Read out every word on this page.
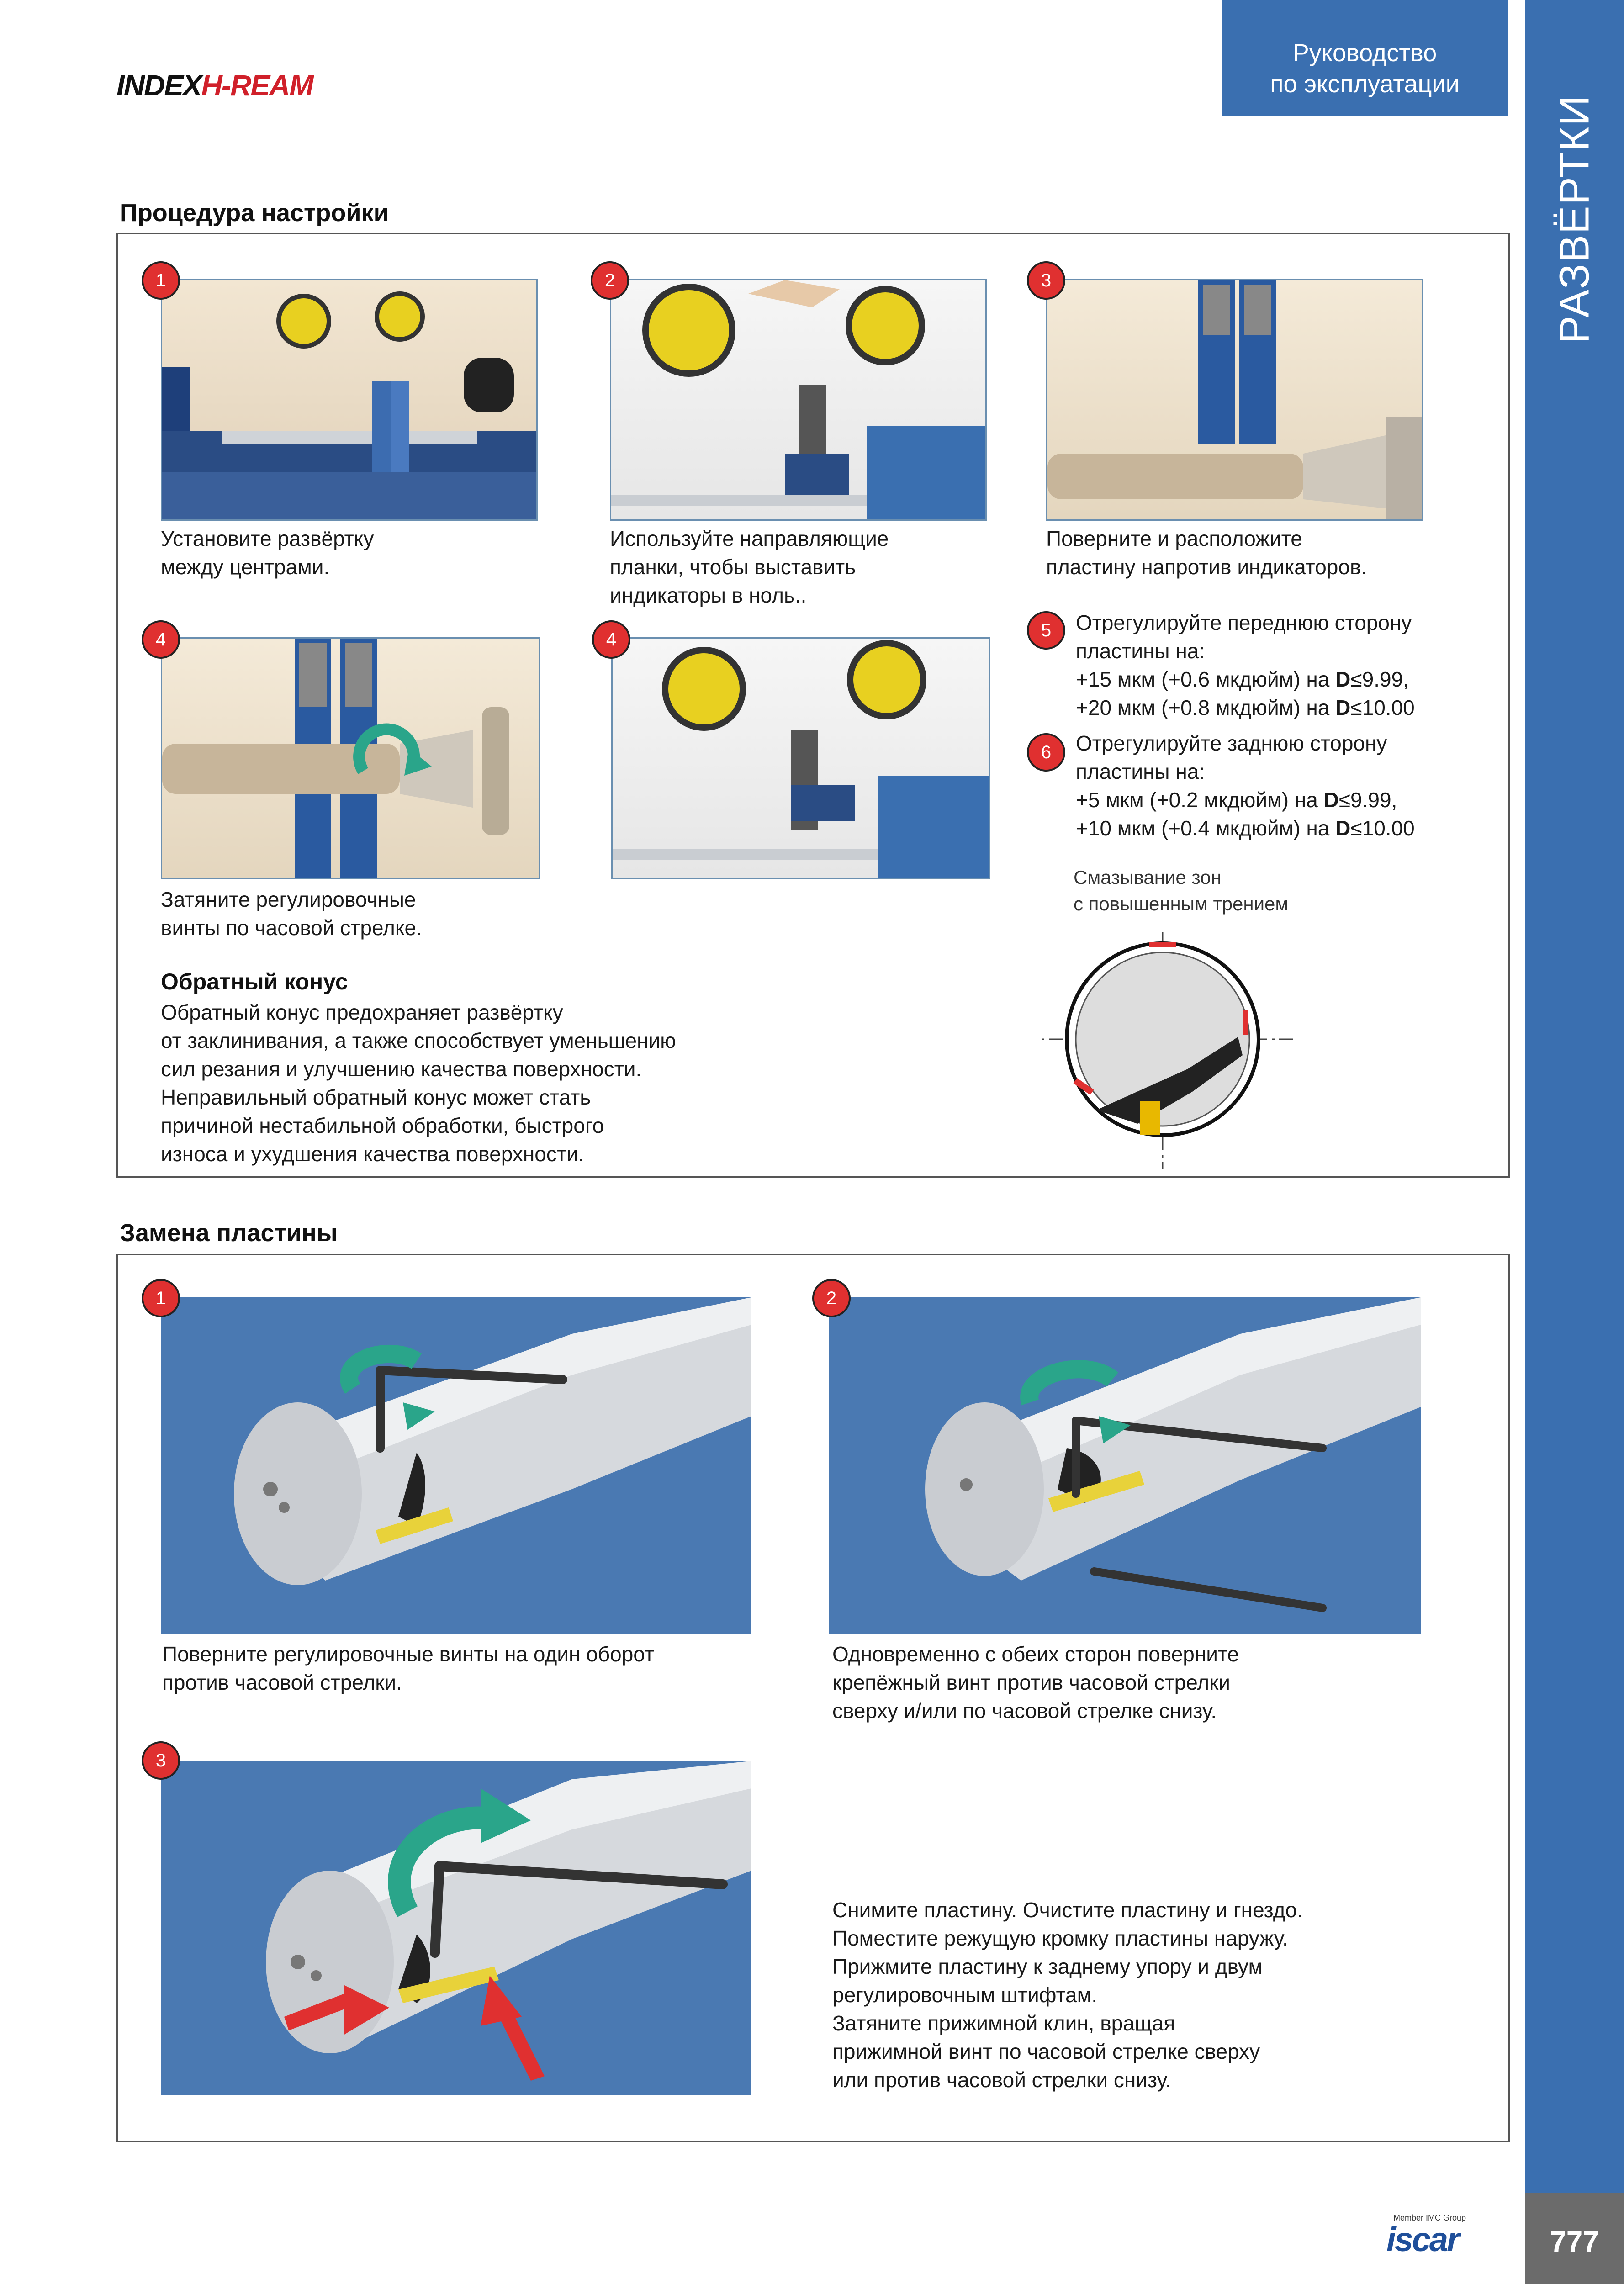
INDEXH-REAM
Руководство
по эксплуатации
РАЗВЁРТКИ
777
Процедура настройки
1
Установите развёртку
между центрами.
2
Используйте направляющие
планки, чтобы выставить
индикаторы в ноль..
3
Поверните и расположите
пластину напротив индикаторов.
4
Затяните регулировочные
винты по часовой стрелке.
4	5	Отрегулируйте переднюю сторону
пластины на:
+15 мкм (+0.6 мкдюйм) на D≤9.99,
+20 мкм (+0.8 мкдюйм) на D≤10.00
6	Отрегулируйте заднюю сторону
пластины на:
+5 мкм (+0.2 мкдюйм) на D≤9.99,
+10 мкм (+0.4 мкдюйм) на D≤10.00
Смазывание зон
с повышенным трением
Обратный конус
Обратный конус предохраняет развёртку
от заклинивания, а также способствует уменьшению
сил резания и улучшению качества поверхности.
Неправильный обратный конус может стать
причиной нестабильной обработки, быстрого
износа и ухудшения качества поверхности.
Замена пластины
1
Поверните регулировочные винты на один оборот
против часовой стрелки.
2
Одновременно с обеих сторон поверните
крепёжный винт против часовой стрелки
сверху и/или по часовой стрелке снизу.
3
Снимите пластину. Очистите пластину и гнездо.
Поместите режущую кромку пластины наружу.
Прижмите пластину к заднему упору и двум
регулировочным штифтам.
Затяните прижимной клин, вращая
прижимной винт по часовой стрелке сверху
или против часовой стрелки снизу.
Member IMC Group
iscar
